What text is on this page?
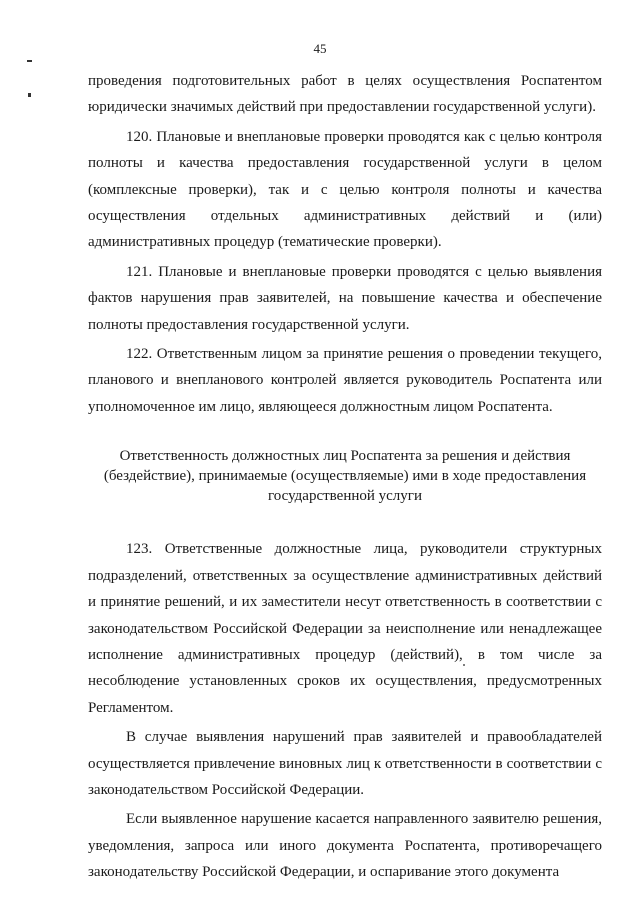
45

проведения подготовительных работ в целях осуществления Роспатентом юридически значимых действий при предоставлении государственной услуги).

120. Плановые и внеплановые проверки проводятся как с целью контроля полноты и качества предоставления государственной услуги в целом (комплексные проверки), так и с целью контроля полноты и качества осуществления отдельных административных действий и (или) административных процедур (тематические проверки).

121. Плановые и внеплановые проверки проводятся с целью выявления фактов нарушения прав заявителей, на повышение качества и обеспечение полноты предоставления государственной услуги.

122. Ответственным лицом за принятие решения о проведении текущего, планового и внепланового контролей является руководитель Роспатента или уполномоченное им лицо, являющееся должностным лицом Роспатента.

Ответственность должностных лиц Роспатента за решения и действия
(бездействие), принимаемые (осуществляемые) ими в ходе предоставления
государственной услуги

123. Ответственные должностные лица, руководители структурных подразделений, ответственных за осуществление административных действий и принятие решений, и их заместители несут ответственность в соответствии с законодательством Российской Федерации за неисполнение или ненадлежащее исполнение административных процедур (действий), в том числе за несоблюдение установленных сроков их осуществления, предусмотренных Регламентом.

В случае выявления нарушений прав заявителей и правообладателей осуществляется привлечение виновных лиц к ответственности в соответствии с законодательством Российской Федерации.

Если выявленное нарушение касается направленного заявителю решения, уведомления, запроса или иного документа Роспатента, противоречащего законодательству Российской Федерации, и оспаривание этого документа
